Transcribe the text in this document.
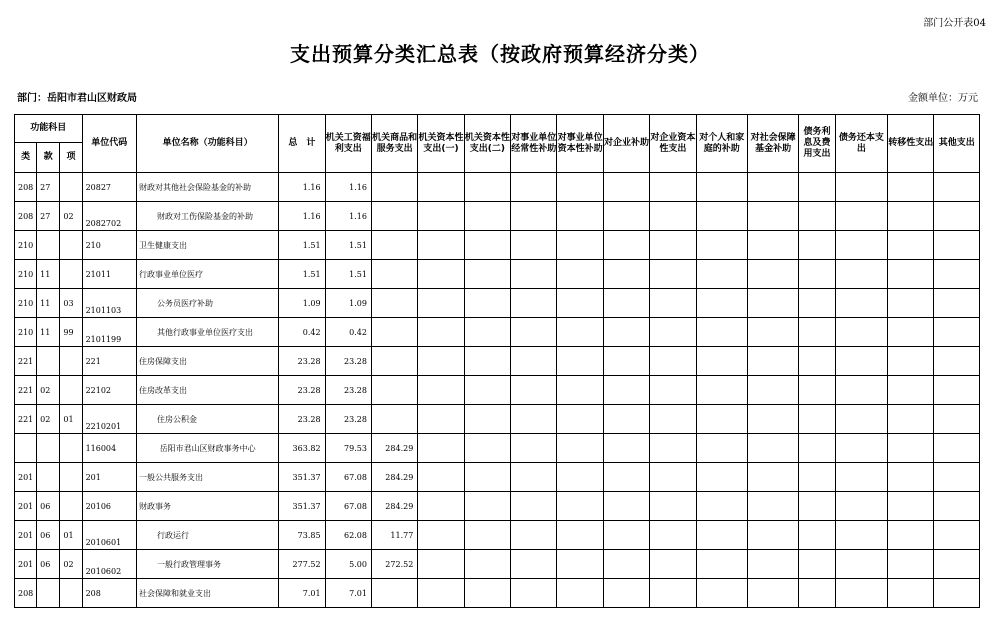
部门公开表04
支出预算分类汇总表（按政府预算经济分类）
部门：岳阳市君山区财政局	金额单位：万元
功能科目			单位代码	单位名称（功能科目）	总　计	机关工资福利支出	机关商品和服务支出	机关资本性支出(一)	机关资本性支出(二)	对事业单位经常性补助	对事业单位资本性补助	对企业补助	对企业资本性支出	对个人和家庭的补助	对社会保障基金补助	债务利息及费用支出	债务还本支出	转移性支出	其他支出
类	款	项																	
208	27		20827	财政对其他社会保险基金的补助	1.16	1.16													
208	27	02	2082702	财政对工伤保险基金的补助	1.16	1.16													
210			210	卫生健康支出	1.51	1.51													
210	11		21011	行政事业单位医疗	1.51	1.51													
210	11	03	2101103	公务员医疗补助	1.09	1.09													
210	11	99	2101199	其他行政事业单位医疗支出	0.42	0.42													
221			221	住房保障支出	23.28	23.28													
221	02		22102	住房改革支出	23.28	23.28													
221	02	01	2210201	住房公积金	23.28	23.28													
			116004	岳阳市君山区财政事务中心	363.82	79.53	284.29												
201			201	一般公共服务支出	351.37	67.08	284.29												
201	06		20106	财政事务	351.37	67.08	284.29												
201	06	01	2010601	行政运行	73.85	62.08	11.77												
201	06	02	2010602	一般行政管理事务	277.52	5.00	272.52												
208			208	社会保障和就业支出	7.01	7.01													
